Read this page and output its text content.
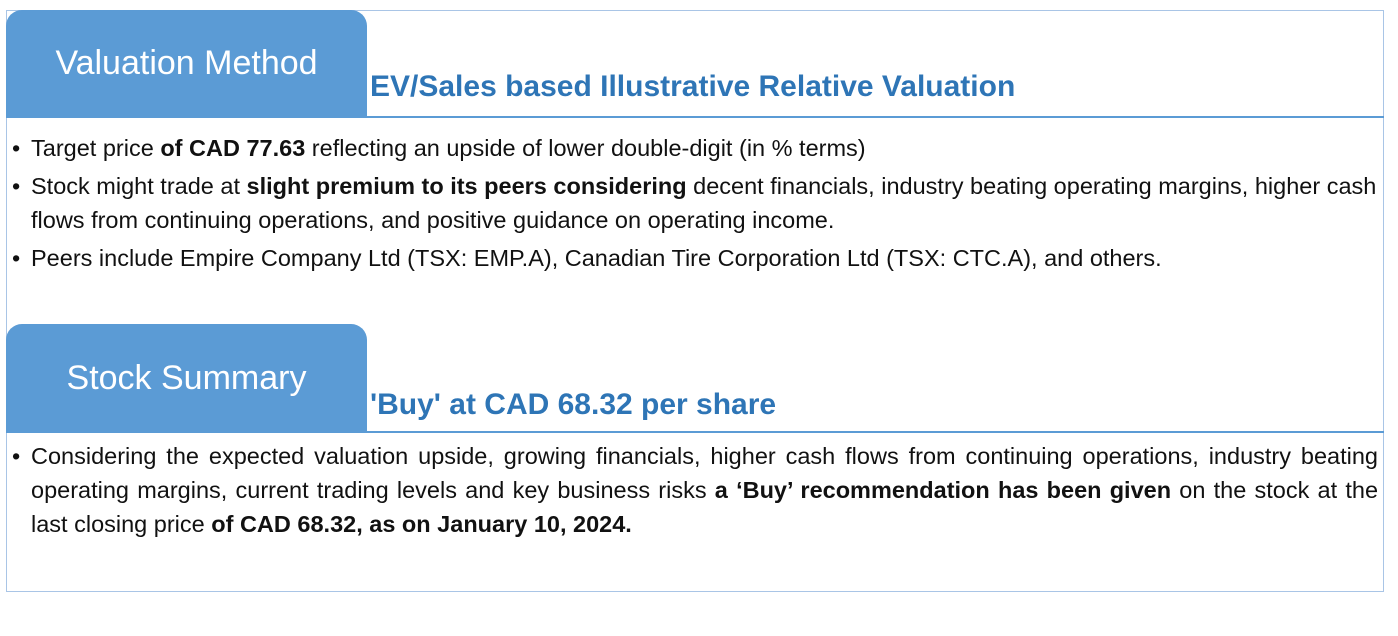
Valuation Method
EV/Sales based Illustrative Relative Valuation
• Target price of CAD 77.63 reflecting an upside of lower double-digit (in % terms)
• Stock might trade at slight premium to its peers considering decent financials, industry beating operating margins, higher cash flows from continuing operations, and positive guidance on operating income.
• Peers include Empire Company Ltd (TSX: EMP.A), Canadian Tire Corporation Ltd (TSX: CTC.A), and others.
Stock Summary
'Buy' at CAD 68.32 per share
• Considering the expected valuation upside, growing financials, higher cash flows from continuing operations, industry beating operating margins, current trading levels and key business risks a ‘Buy’ recommendation has been given on the stock at the last closing price of CAD 68.32, as on January 10, 2024.
